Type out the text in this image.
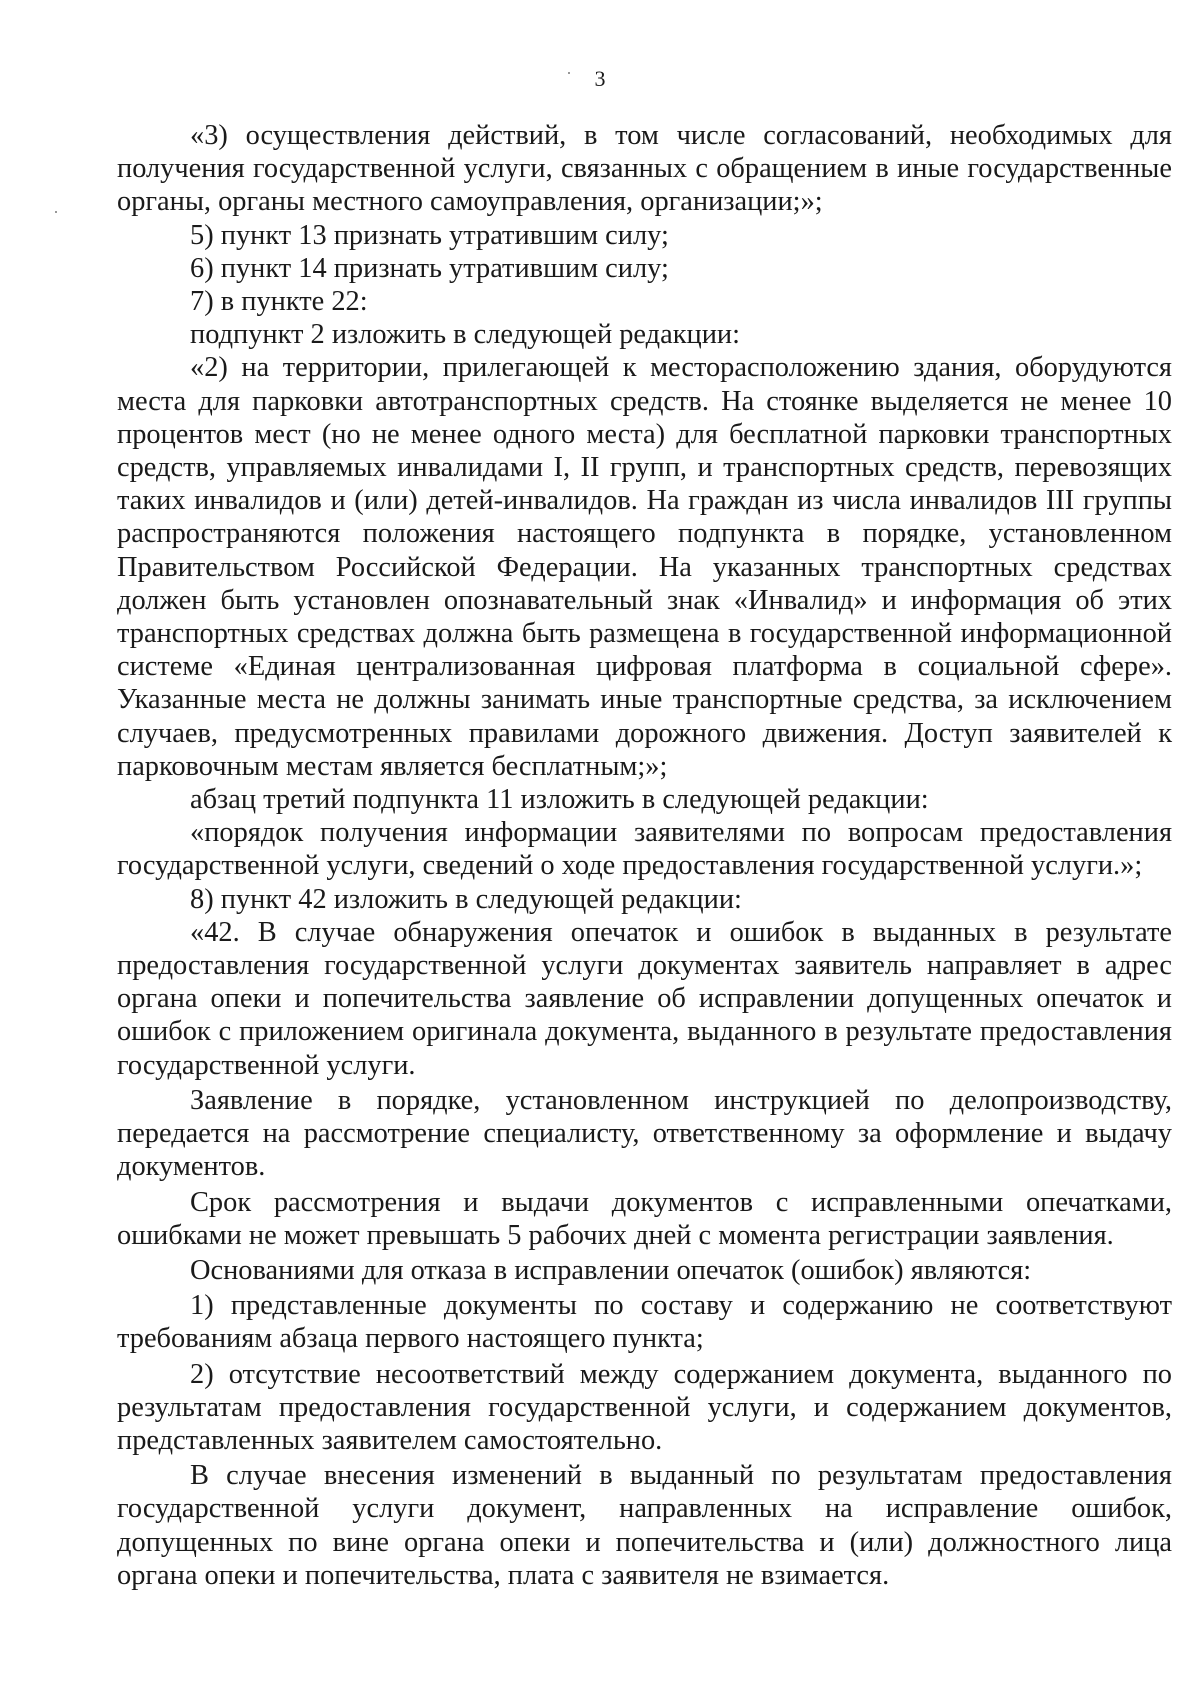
3

«3) осуществления действий, в том числе согласований, необходимых для получения государственной услуги, связанных с обращением в иные государственные органы, органы местного самоуправления, организации;»;

5) пункт 13 признать утратившим силу;

6) пункт 14 признать утратившим силу;

7) в пункте 22:

подпункт 2 изложить в следующей редакции:

«2) на территории, прилегающей к месторасположению здания, оборудуются места для парковки автотранспортных средств. На стоянке выделяется не менее 10 процентов мест (но не менее одного места) для бесплатной парковки транспортных средств, управляемых инвалидами I, II групп, и транспортных средств, перевозящих таких инвалидов и (или) детей-инвалидов. На граждан из числа инвалидов III группы распространяются положения настоящего подпункта в порядке, установленном Правительством Российской Федерации. На указанных транспортных средствах должен быть установлен опознавательный знак «Инвалид» и информация об этих транспортных средствах должна быть размещена в государственной информационной системе «Единая централизованная цифровая платформа в социальной сфере». Указанные места не должны занимать иные транспортные средства, за исключением случаев, предусмотренных правилами дорожного движения. Доступ заявителей к парковочным местам является бесплатным;»;

абзац третий подпункта 11 изложить в следующей редакции:

«порядок получения информации заявителями по вопросам предоставления государственной услуги, сведений о ходе предоставления государственной услуги.»;

8) пункт 42 изложить в следующей редакции:

«42. В случае обнаружения опечаток и ошибок в выданных в результате предоставления государственной услуги документах заявитель направляет в адрес органа опеки и попечительства заявление об исправлении допущенных опечаток и ошибок с приложением оригинала документа, выданного в результате предоставления государственной услуги.

Заявление в порядке, установленном инструкцией по делопроизводству, передается на рассмотрение специалисту, ответственному за оформление и выдачу документов.

Срок рассмотрения и выдачи документов с исправленными опечатками, ошибками не может превышать 5 рабочих дней с момента регистрации заявления.

Основаниями для отказа в исправлении опечаток (ошибок) являются:

1) представленные документы по составу и содержанию не соответствуют требованиям абзаца первого настоящего пункта;

2) отсутствие несоответствий между содержанием документа, выданного по результатам предоставления государственной услуги, и содержанием документов, представленных заявителем самостоятельно.

В случае внесения изменений в выданный по результатам предоставления государственной услуги документ, направленных на исправление ошибок, допущенных по вине органа опеки и попечительства и (или) должностного лица органа опеки и попечительства, плата с заявителя не взимается.
